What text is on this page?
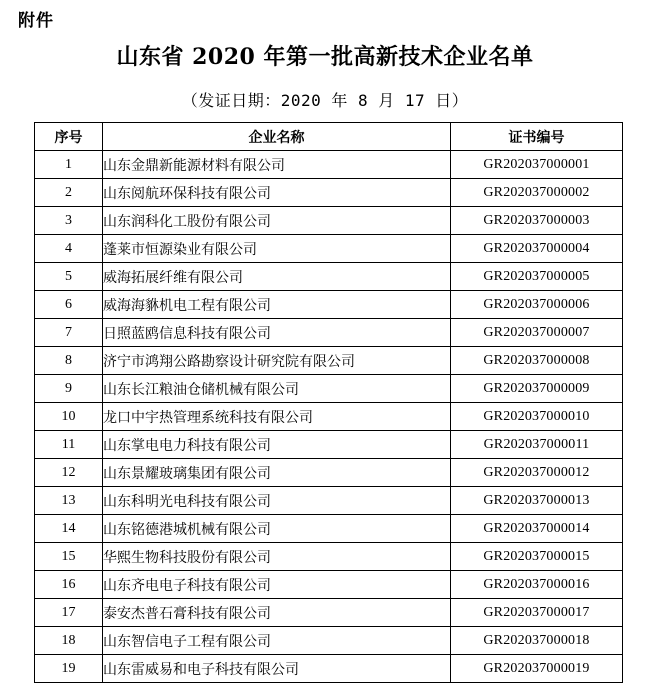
附件
山东省 2020 年第一批高新技术企业名单
（发证日期：2020 年 8 月 17 日）
序号	企业名称	证书编号
1	山东金鼎新能源材料有限公司	GR202037000001
2	山东阅航环保科技有限公司	GR202037000002
3	山东润科化工股份有限公司	GR202037000003
4	蓬莱市恒源染业有限公司	GR202037000004
5	威海拓展纤维有限公司	GR202037000005
6	威海海貅机电工程有限公司	GR202037000006
7	日照蓝鸥信息科技有限公司	GR202037000007
8	济宁市鸿翔公路勘察设计研究院有限公司	GR202037000008
9	山东长江粮油仓储机械有限公司	GR202037000009
10	龙口中宇热管理系统科技有限公司	GR202037000010
11	山东掌电电力科技有限公司	GR202037000011
12	山东景耀玻璃集团有限公司	GR202037000012
13	山东科明光电科技有限公司	GR202037000013
14	山东铭德港城机械有限公司	GR202037000014
15	华熙生物科技股份有限公司	GR202037000015
16	山东齐电电子科技有限公司	GR202037000016
17	泰安杰普石膏科技有限公司	GR202037000017
18	山东智信电子工程有限公司	GR202037000018
19	山东雷威易和电子科技有限公司	GR202037000019
